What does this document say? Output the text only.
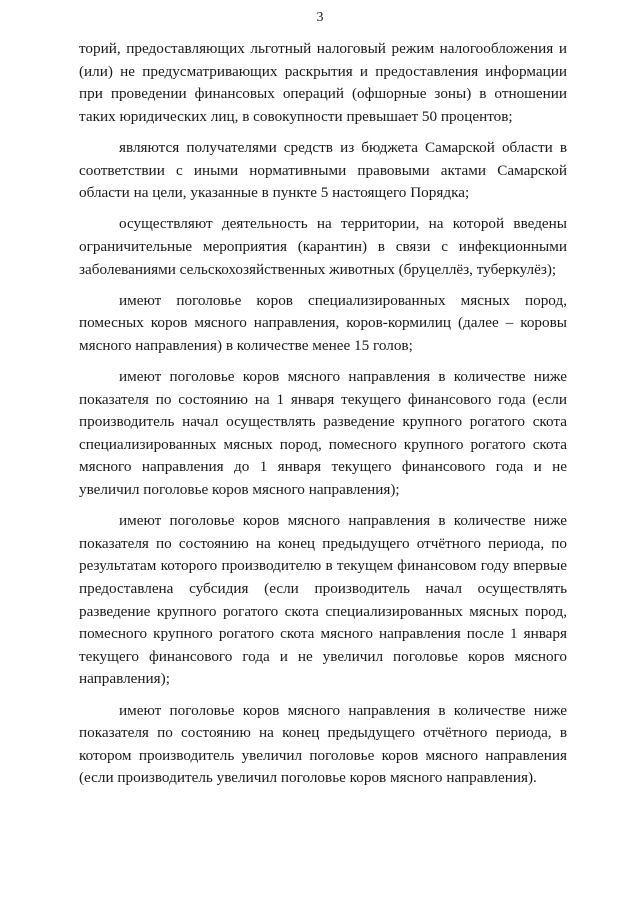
3

торий, предоставляющих льготный налоговый режим налогообложения и (или) не предусматривающих раскрытия и предоставления информации при проведении финансовых операций (офшорные зоны) в отношении таких юридических лиц, в совокупности превышает 50 процентов;

являются получателями средств из бюджета Самарской области в соответствии с иными нормативными правовыми актами Самарской области на цели, указанные в пункте 5 настоящего Порядка;

осуществляют деятельность на территории, на которой введены ограничительные мероприятия (карантин) в связи с инфекционными заболеваниями сельскохозяйственных животных (бруцеллёз, туберкулёз);

имеют поголовье коров специализированных мясных пород, помесных коров мясного направления, коров-кормилиц (далее – коровы мясного направления) в количестве менее 15 голов;

имеют поголовье коров мясного направления в количестве ниже показателя по состоянию на 1 января текущего финансового года (если производитель начал осуществлять разведение крупного рогатого скота специализированных мясных пород, помесного крупного рогатого скота мясного направления до 1 января текущего финансового года и не увеличил поголовье коров мясного направления);

имеют поголовье коров мясного направления в количестве ниже показателя по состоянию на конец предыдущего отчётного периода, по результатам которого производителю в текущем финансовом году впервые предоставлена субсидия (если производитель начал осуществлять разведение крупного рогатого скота специализированных мясных пород, помесного крупного рогатого скота мясного направления после 1 января текущего финансового года и не увеличил поголовье коров мясного направления);

имеют поголовье коров мясного направления в количестве ниже показателя по состоянию на конец предыдущего отчётного периода, в котором производитель увеличил поголовье коров мясного направления (если производитель увеличил поголовье коров мясного направления).
